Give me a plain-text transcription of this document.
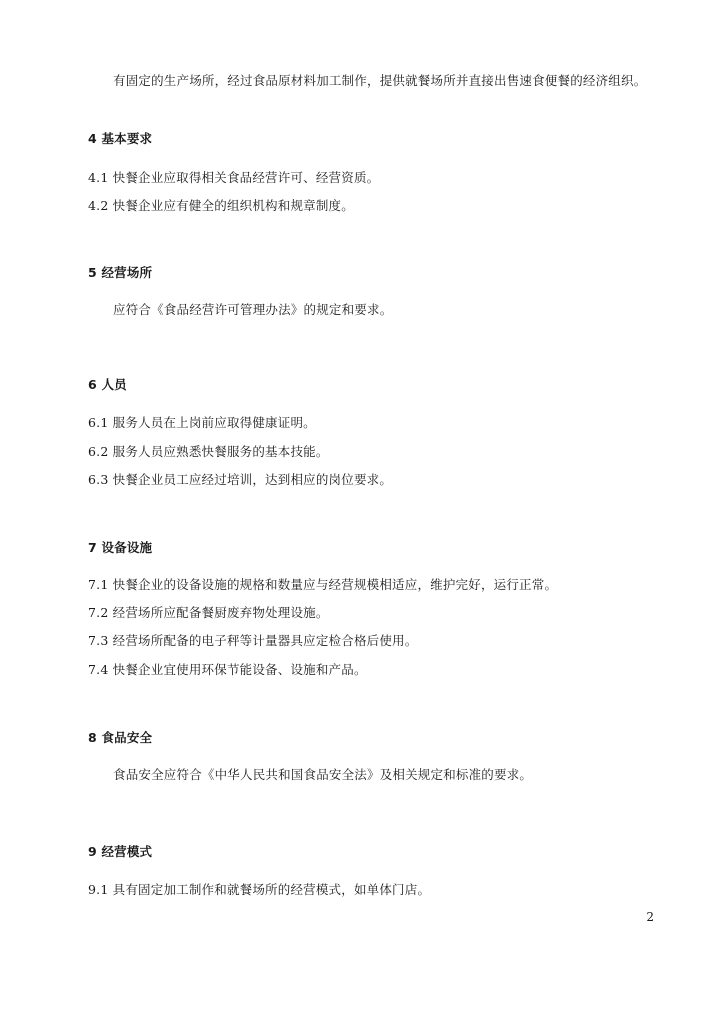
有固定的生产场所，经过食品原材料加工制作，提供就餐场所并直接出售速食便餐的经济组织。
4 基本要求
4.1 快餐企业应取得相关食品经营许可、经营资质。
4.2 快餐企业应有健全的组织机构和规章制度。
5 经营场所
应符合《食品经营许可管理办法》的规定和要求。
6 人员
6.1 服务人员在上岗前应取得健康证明。
6.2 服务人员应熟悉快餐服务的基本技能。
6.3 快餐企业员工应经过培训，达到相应的岗位要求。
7 设备设施
7.1 快餐企业的设备设施的规格和数量应与经营规模相适应，维护完好，运行正常。
7.2 经营场所应配备餐厨废弃物处理设施。
7.3 经营场所配备的电子秤等计量器具应定检合格后使用。
7.4 快餐企业宜使用环保节能设备、设施和产品。
8 食品安全
食品安全应符合《中华人民共和国食品安全法》及相关规定和标准的要求。
9 经营模式
9.1 具有固定加工制作和就餐场所的经营模式，如单体门店。
2
